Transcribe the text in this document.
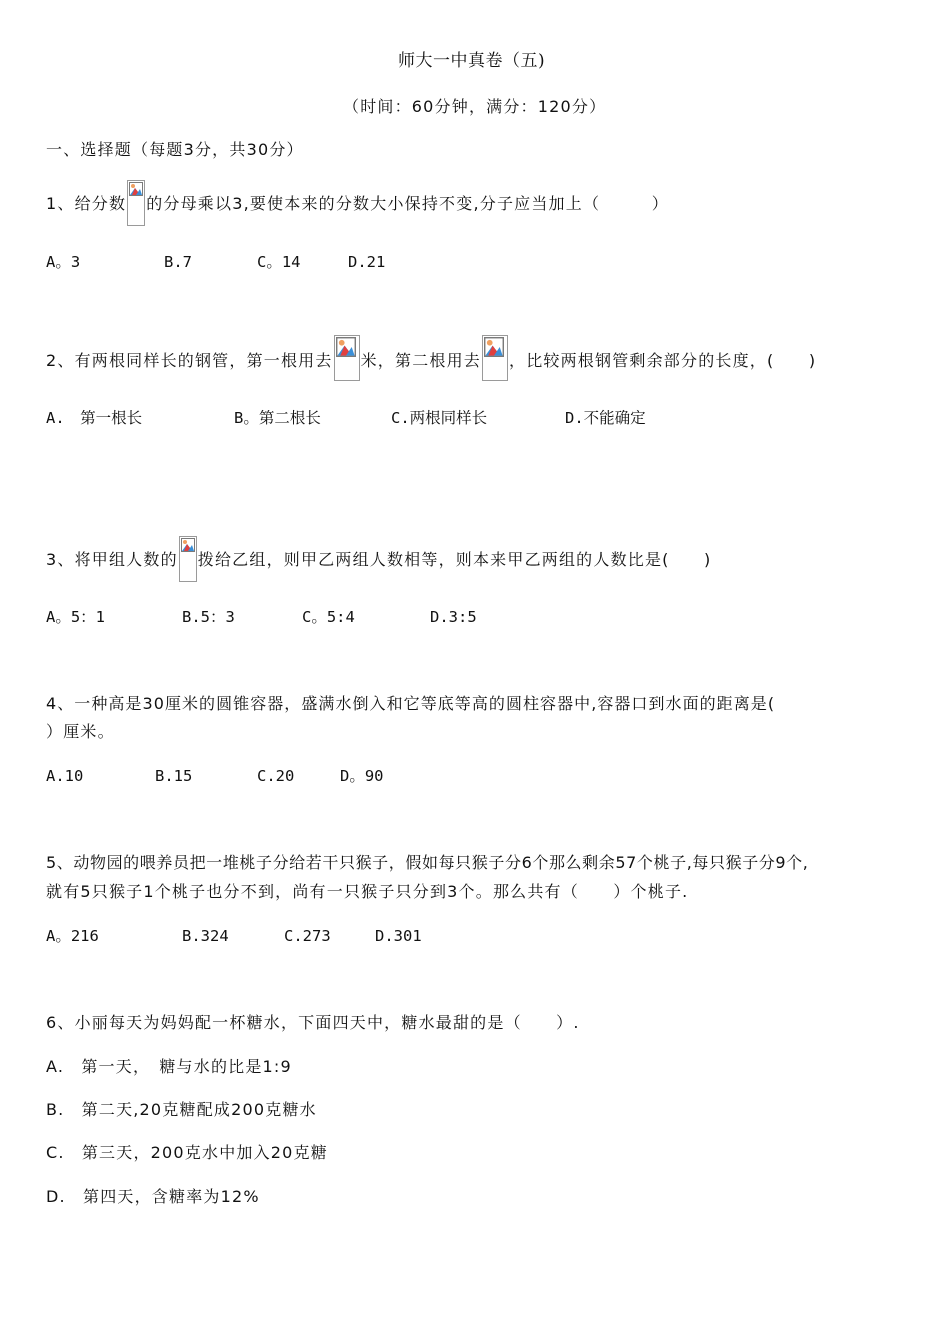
师大一中真卷（五)
（时间：60分钟，满分：120分）
一、选择题（每题3分，共30分）
1、给分数 的分母乘以3,要使本来的分数大小保持不变,分子应当加上（　　　）
A。3	B.7	C。14	D.21
2、有两根同样长的钢管，第一根用去 米，第二根用去 ，比较两根钢管剩余部分的长度，(　　)
A.　第一根长	B。第二根长	C.两根同样长	D.不能确定
3、将甲组人数的 拨给乙组，则甲乙两组人数相等，则本来甲乙两组的人数比是(　　)
A。5：1	B.5：3	C。5:4	D.3:5
4、一种高是30厘米的圆锥容器，盛满水倒入和它等底等高的圆柱容器中,容器口到水面的距离是(
）厘米。
A.10	B.15	C.20	D。90
5、动物园的喂养员把一堆桃子分给若干只猴子，假如每只猴子分6个那么剩余57个桃子,每只猴子分9个,
就有5只猴子1个桃子也分不到，尚有一只猴子只分到3个。那么共有（　　）个桃子.
A。216	B.324	C.273	D.301
6、小丽每天为妈妈配一杯糖水，下面四天中，糖水最甜的是（　　）.
A.　第一天，　糖与水的比是1:9
B.　第二天,20克糖配成200克糖水
C.　第三天，200克水中加入20克糖
D.　第四天，含糖率为12%
